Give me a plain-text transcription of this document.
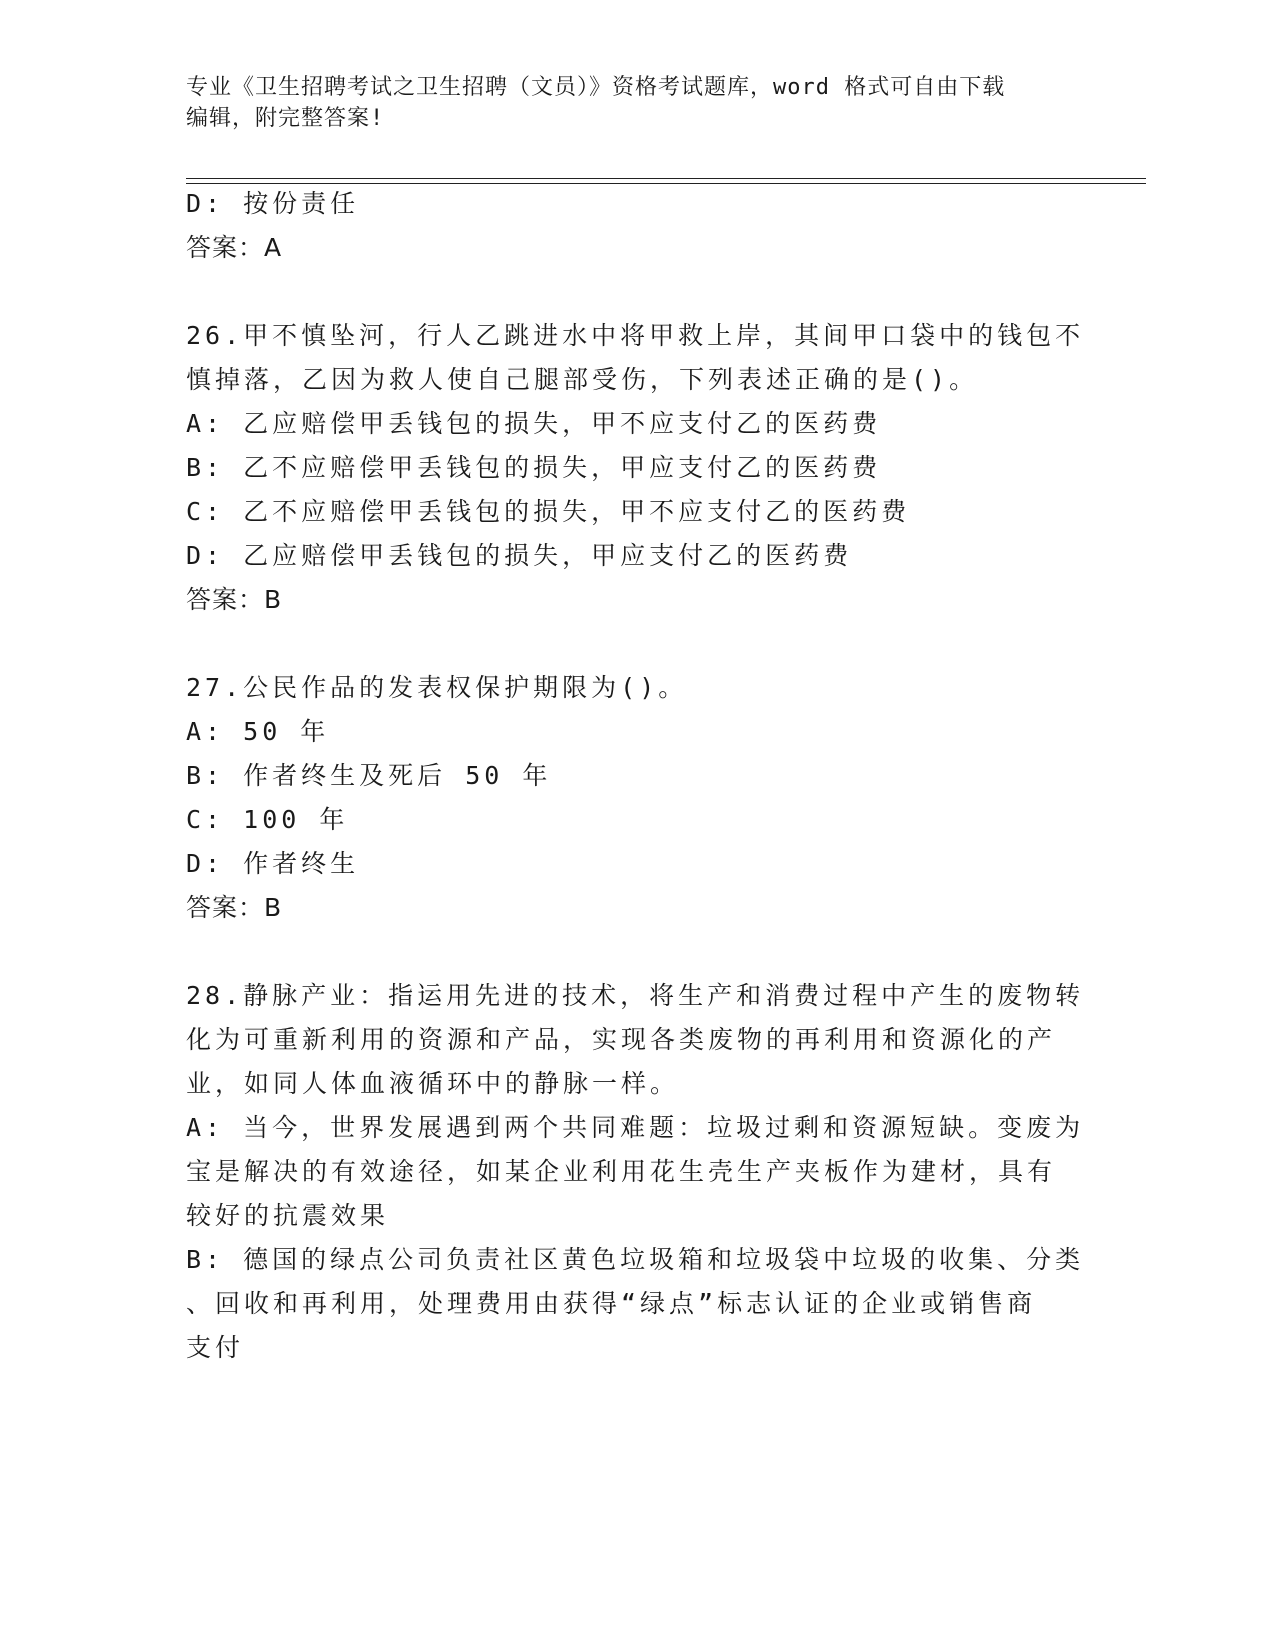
专业《卫生招聘考试之卫生招聘（文员）》资格考试题库，word 格式可自由下载
编辑，附完整答案!
D: 按份责任
答案：A
26.甲不慎坠河，行人乙跳进水中将甲救上岸，其间甲口袋中的钱包不
慎掉落，乙因为救人使自己腿部受伤，下列表述正确的是()。
A: 乙应赔偿甲丢钱包的损失，甲不应支付乙的医药费
B: 乙不应赔偿甲丢钱包的损失，甲应支付乙的医药费
C: 乙不应赔偿甲丢钱包的损失，甲不应支付乙的医药费
D: 乙应赔偿甲丢钱包的损失，甲应支付乙的医药费
答案：B
27.公民作品的发表权保护期限为()。
A: 50 年
B: 作者终生及死后 50 年
C: 100 年
D: 作者终生
答案：B
28.静脉产业：指运用先进的技术，将生产和消费过程中产生的废物转
化为可重新利用的资源和产品，实现各类废物的再利用和资源化的产
业，如同人体血液循环中的静脉一样。
A: 当今，世界发展遇到两个共同难题：垃圾过剩和资源短缺。变废为
宝是解决的有效途径，如某企业利用花生壳生产夹板作为建材，具有
较好的抗震效果
B: 德国的绿点公司负责社区黄色垃圾箱和垃圾袋中垃圾的收集、分类
、回收和再利用，处理费用由获得“绿点”标志认证的企业或销售商
支付
